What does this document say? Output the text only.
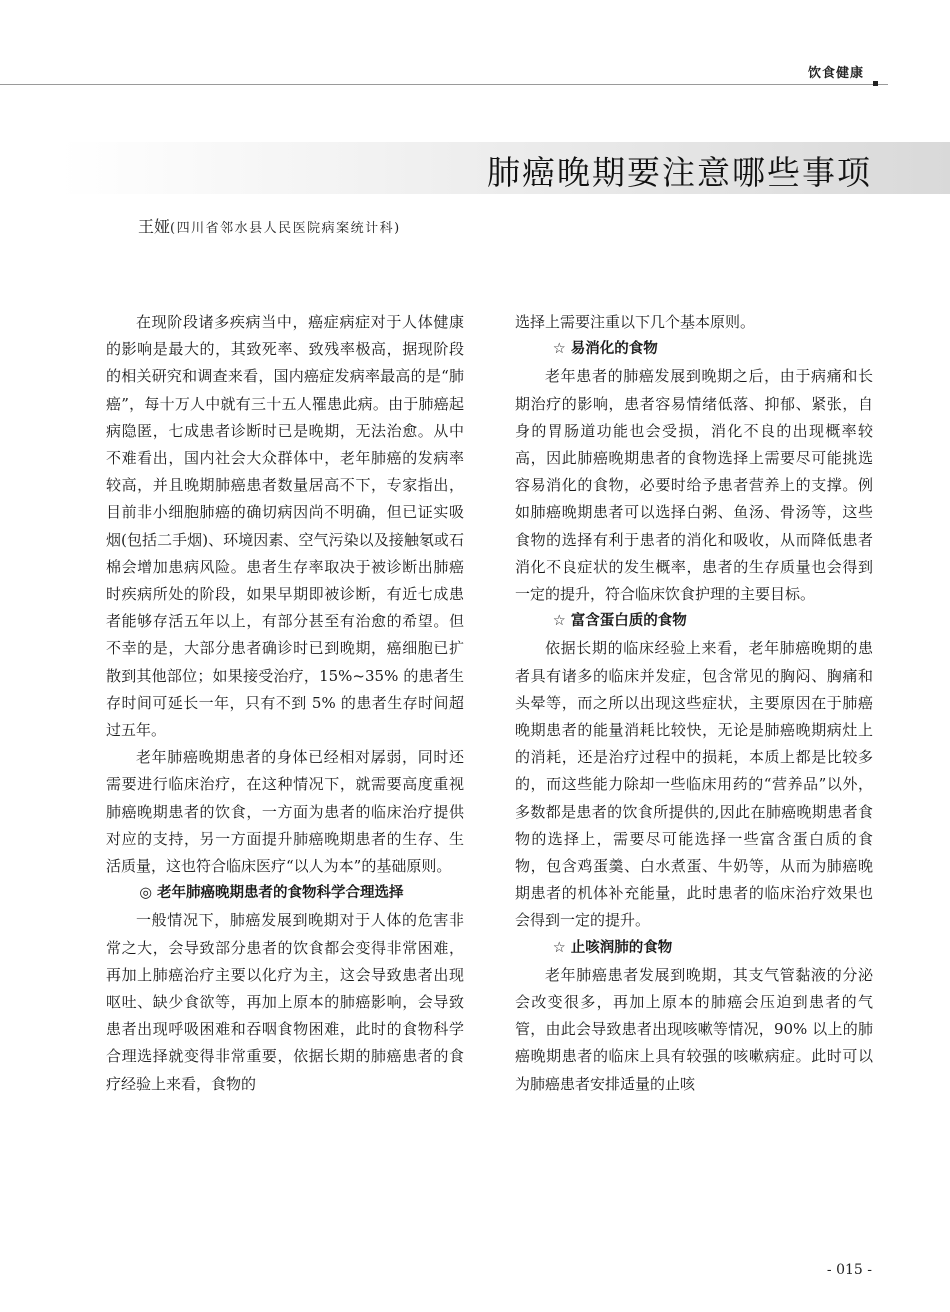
饮食健康
肺癌晚期要注意哪些事项
王娅(四川省邻水县人民医院病案统计科)

在现阶段诸多疾病当中，癌症病症对于人体健康的影响是最大的，其致死率、致残率极高，据现阶段的相关研究和调查来看，国内癌症发病率最高的是“肺癌”，每十万人中就有三十五人罹患此病。由于肺癌起病隐匿，七成患者诊断时已是晚期，无法治愈。从中不难看出，国内社会大众群体中，老年肺癌的发病率较高，并且晚期肺癌患者数量居高不下，专家指出，目前非小细胞肺癌的确切病因尚不明确，但已证实吸烟(包括二手烟)、环境因素、空气污染以及接触氡或石棉会增加患病风险。患者生存率取决于被诊断出肺癌时疾病所处的阶段，如果早期即被诊断，有近七成患者能够存活五年以上，有部分甚至有治愈的希望。但不幸的是，大部分患者确诊时已到晚期，癌细胞已扩散到其他部位；如果接受治疗，15%~35% 的患者生存时间可延长一年，只有不到 5% 的患者生存时间超过五年。

老年肺癌晚期患者的身体已经相对孱弱，同时还需要进行临床治疗，在这种情况下，就需要高度重视肺癌晚期患者的饮食，一方面为患者的临床治疗提供对应的支持，另一方面提升肺癌晚期患者的生存、生活质量，这也符合临床医疗“以人为本”的基础原则。

◎ 老年肺癌晚期患者的食物科学合理选择

一般情况下，肺癌发展到晚期对于人体的危害非常之大，会导致部分患者的饮食都会变得非常困难，再加上肺癌治疗主要以化疗为主，这会导致患者出现呕吐、缺少食欲等，再加上原本的肺癌影响，会导致患者出现呼吸困难和吞咽食物困难，此时的食物科学合理选择就变得非常重要，依据长期的肺癌患者的食疗经验上来看，食物的

选择上需要注重以下几个基本原则。

☆ 易消化的食物

老年患者的肺癌发展到晚期之后，由于病痛和长期治疗的影响，患者容易情绪低落、抑郁、紧张，自身的胃肠道功能也会受损，消化不良的出现概率较高，因此肺癌晚期患者的食物选择上需要尽可能挑选容易消化的食物，必要时给予患者营养上的支撑。例如肺癌晚期患者可以选择白粥、鱼汤、骨汤等，这些食物的选择有利于患者的消化和吸收，从而降低患者消化不良症状的发生概率，患者的生存质量也会得到一定的提升，符合临床饮食护理的主要目标。

☆ 富含蛋白质的食物

依据长期的临床经验上来看，老年肺癌晚期的患者具有诸多的临床并发症，包含常见的胸闷、胸痛和头晕等，而之所以出现这些症状，主要原因在于肺癌晚期患者的能量消耗比较快，无论是肺癌晚期病灶上的消耗，还是治疗过程中的损耗，本质上都是比较多的，而这些能力除却一些临床用药的“营养品”以外，多数都是患者的饮食所提供的,因此在肺癌晚期患者食物的选择上，需要尽可能选择一些富含蛋白质的食物，包含鸡蛋羹、白水煮蛋、牛奶等，从而为肺癌晚期患者的机体补充能量，此时患者的临床治疗效果也会得到一定的提升。

☆ 止咳润肺的食物

老年肺癌患者发展到晚期，其支气管黏液的分泌会改变很多，再加上原本的肺癌会压迫到患者的气管，由此会导致患者出现咳嗽等情况，90% 以上的肺癌晚期患者的临床上具有较强的咳嗽病症。此时可以为肺癌患者安排适量的止咳

- 015 -
